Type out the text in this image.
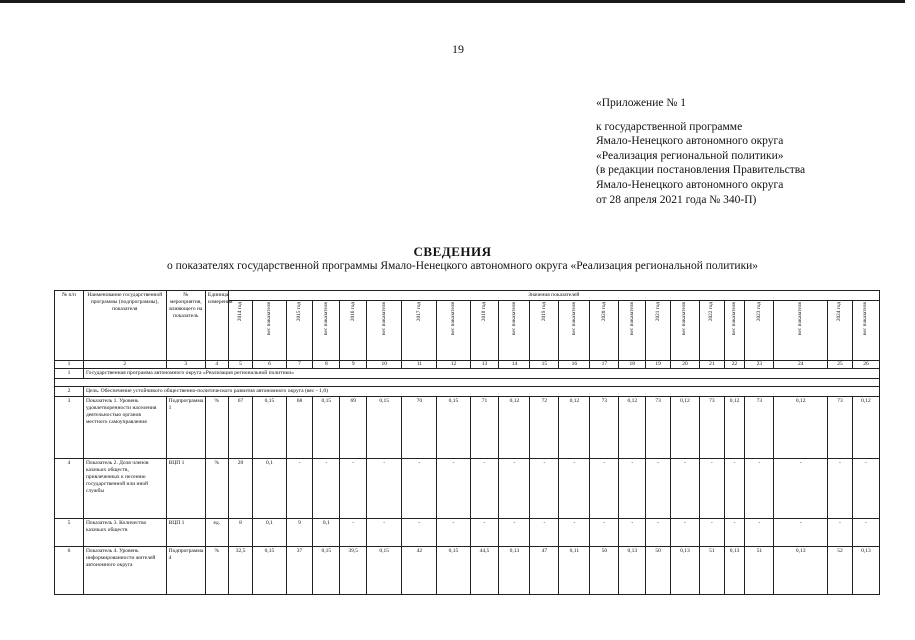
19
«Приложение № 1
к государственной программе
Ямало-Ненецкого автономного округа
«Реализация региональной политики»
(в редакции постановления Правительства
Ямало-Ненецкого автономного округа
от 28 апреля 2021 года № 340-П)
СВЕДЕНИЯ
о показателях государственной программы Ямало-Ненецкого автономного округа «Реализация региональной политики»
№ п/п	Наименование государственной программы (подпрограммы), показателя	№ мероприятия, влияющего на показатель	Единица измерения	Значения показателей																					

				2014 год	вес показателя	2015 год	вес показателя	2016 год	вес показателя	2017 год	вес показателя	2018 год	вес показателя	2019 год	вес показателя	2020 год	вес показателя	2021 год	вес показателя	2022 год	вес показателя	2023 год	вес показателя	2024 год	вес показателя

1	2	3	4	5	6	7	8	9	10	11	12	13	14	15	16	17	18	19	20	21	22	23	24	25	26
1	Государственная программа автономного округа «Реализация региональной политики»																								

2	Цель. Обеспечение устойчивого общественно-политического развития автономного округа (вес - 1,0)																								
3	Показатель 1. Уровень удовлетворенности населения деятельностью органов местного самоуправления	Подпрограмма 1	%	67	0,15	68	0,15	69	0,15	70	0,15	71	0,12	72	0,12	73	0,12	73	0,12	73	0,12	73	0,12	73	0,12
4	Показатель 2. Доля членов казачьих обществ, привлеченных к несению государственной или иной службы	ВЦП 1	%	20	0,1	-	-	-	-	-	-	-	-	-	-	-	-	-	-	-	-	-	-	-	-
5	Показатель 3. Количество казачьих обществ	ВЦП 1	ед.	8	0,1	9	0,1	-	-	-	-	-	-	-	-	-	-	-	-	-	-	-	-	-	-
6	Показатель 4. Уровень информированности жителей автономного округа	Подпрограмма 4	%	32,5	0,15	37	0,15	39,5	0,15	42	0,15	44,5	0,13	47	0,11	50	0,13	50	0,13	51	0,13	51	0,13	52	0,13
